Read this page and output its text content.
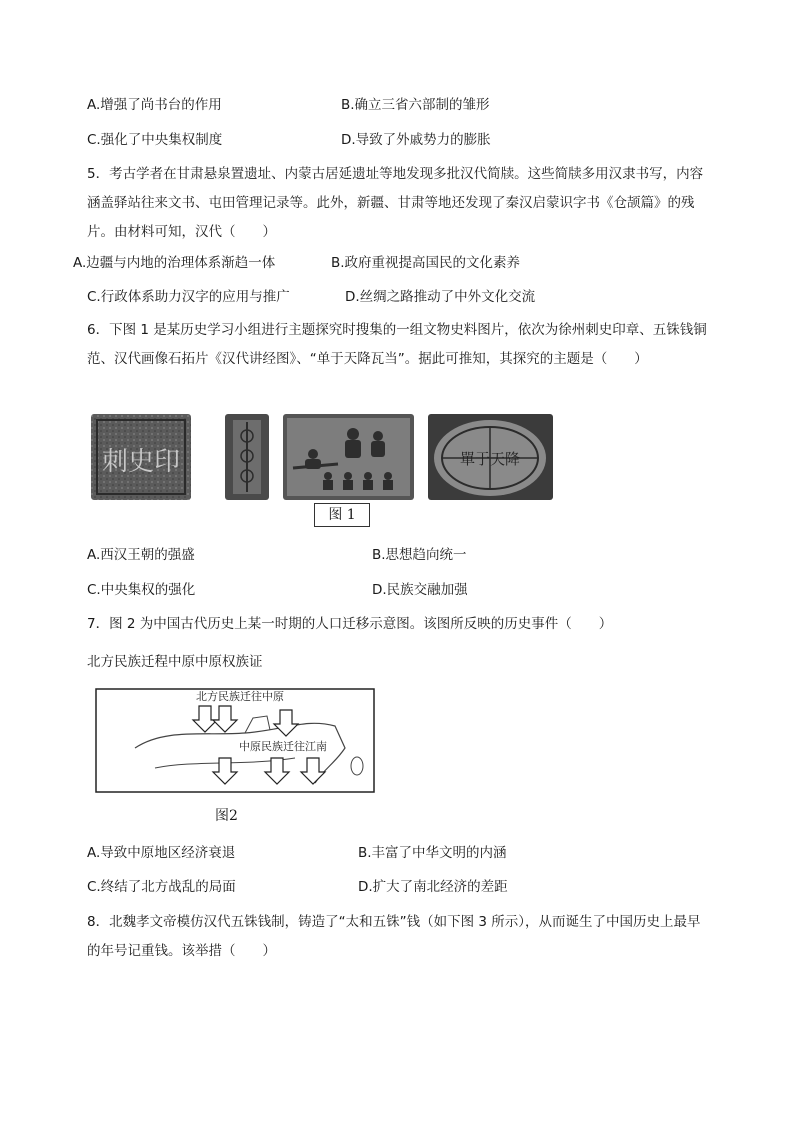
A.增强了尚书台的作用	B.确立三省六部制的雏形
C.强化了中央集权制度	D.导致了外戚势力的膨胀
5．考古学者在甘肃悬泉置遗址、内蒙古居延遗址等地发现多批汉代简牍。这些简牍多用汉隶书写，内容涵盖驿站往来文书、屯田管理记录等。此外，新疆、甘肃等地还发现了秦汉启蒙识字书《仓颉篇》的残片。由材料可知，汉代（　　）
A.边疆与内地的治理体系渐趋一体	B.政府重视提高国民的文化素养
C.行政体系助力汉字的应用与推广	D.丝绸之路推动了中外文化交流
6．下图 1 是某历史学习小组进行主题探究时搜集的一组文物史料图片，依次为徐州刺史印章、五铢钱铜范、汉代画像石拓片《汉代讲经图》、“单于天降瓦当”。据此可推知，其探究的主题是（　　）
刺史印	單于天降
图 1
A.西汉王朝的强盛	B.思想趋向统一
C.中央集权的强化	D.民族交融加强
7．图 2 为中国古代历史上某一时期的人口迁移示意图。该图所反映的历史事件（　　）
北方民族迁程中原中原权族证
北方民族迁往中原
中原民族迁往江南
图2
A.导致中原地区经济衰退	B.丰富了中华文明的内涵
C.终结了北方战乱的局面	D.扩大了南北经济的差距
8．北魏孝文帝模仿汉代五铢钱制，铸造了“太和五铢”钱（如下图 3 所示），从而诞生了中国历史上最早的年号记重钱。该举措（　　）
